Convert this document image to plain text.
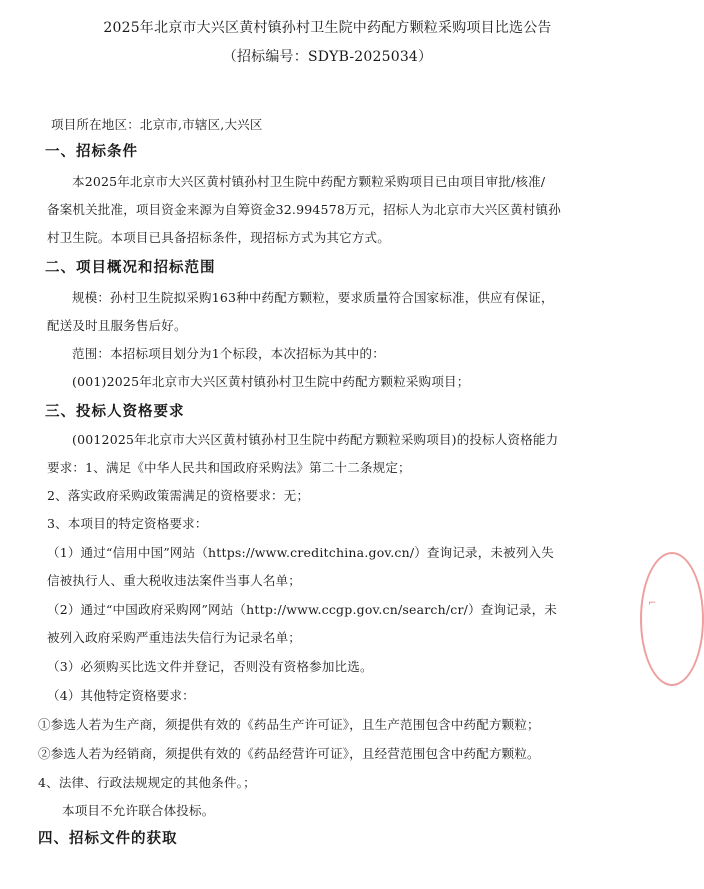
2025年北京市大兴区黄村镇孙村卫生院中药配方颗粒采购项目比选公告
（招标编号：SDYB-2025034）
项目所在地区：北京市,市辖区,大兴区
一、招标条件
本2025年北京市大兴区黄村镇孙村卫生院中药配方颗粒采购项目已由项目审批/核准/
备案机关批准，项目资金来源为自筹资金32.994578万元，招标人为北京市大兴区黄村镇孙
村卫生院。本项目已具备招标条件，现招标方式为其它方式。
二、项目概况和招标范围
规模：孙村卫生院拟采购163种中药配方颗粒，要求质量符合国家标准，供应有保证，
配送及时且服务售后好。
范围：本招标项目划分为1个标段，本次招标为其中的：
(001)2025年北京市大兴区黄村镇孙村卫生院中药配方颗粒采购项目；
三、投标人资格要求
(0012025年北京市大兴区黄村镇孙村卫生院中药配方颗粒采购项目)的投标人资格能力
要求：1、满足《中华人民共和国政府采购法》第二十二条规定；
2、落实政府采购政策需满足的资格要求：无；
3、本项目的特定资格要求：
（1）通过“信用中国”网站（https://www.creditchina.gov.cn/）查询记录，未被列入失
信被执行人、重大税收违法案件当事人名单；
（2）通过“中国政府采购网”网站（http://www.ccgp.gov.cn/search/cr/）查询记录，未
被列入政府采购严重违法失信行为记录名单；
（3）必须购买比选文件并登记，否则没有资格参加比选。
（4）其他特定资格要求：
①参选人若为生产商，须提供有效的《药品生产许可证》，且生产范围包含中药配方颗粒；
②参选人若为经销商，须提供有效的《药品经营许可证》，且经营范围包含中药配方颗粒。
4、法律、行政法规规定的其他条件。；
本项目不允许联合体投标。
四、招标文件的获取
⌐
